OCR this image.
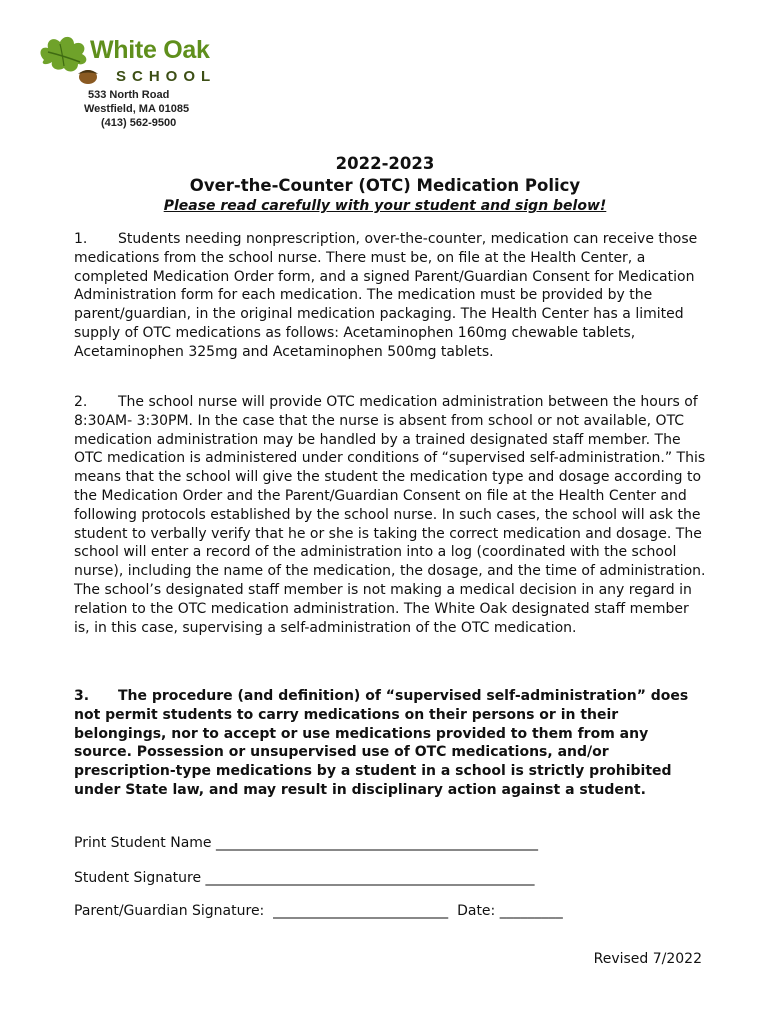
White Oak
SCHOOL
533 North Road
Westfield, MA 01085
(413) 562-9500
2022-2023
Over-the-Counter (OTC) Medication Policy
Please read carefully with your student and sign below!

1. Students needing nonprescription, over-the-counter, medication can receive those medications from the school nurse. There must be, on file at the Health Center, a completed Medication Order form, and a signed Parent/Guardian Consent for Medication Administration form for each medication. The medication must be provided by the parent/guardian, in the original medication packaging. The Health Center has a limited supply of OTC medications as follows: Acetaminophen 160mg chewable tablets, Acetaminophen 325mg and Acetaminophen 500mg tablets.

2. The school nurse will provide OTC medication administration between the hours of 8:30AM- 3:30PM. In the case that the nurse is absent from school or not available, OTC medication administration may be handled by a trained designated staff member. The OTC medication is administered under conditions of “supervised self-administration.” This means that the school will give the student the medication type and dosage according to the Medication Order and the Parent/Guardian Consent on file at the Health Center and following protocols established by the school nurse. In such cases, the school will ask the student to verbally verify that he or she is taking the correct medication and dosage. The school will enter a record of the administration into a log (coordinated with the school nurse), including the name of the medication, the dosage, and the time of administration. The school’s designated staff member is not making a medical decision in any regard in relation to the OTC medication administration. The White Oak designated staff member is, in this case, supervising a self-administration of the OTC medication.

3. The procedure (and definition) of “supervised self-administration” does not permit students to carry medications on their persons or in their belongings, nor to accept or use medications provided to them from any source. Possession or unsupervised use of OTC medications, and/or prescription-type medications by a student in a school is strictly prohibited under State law, and may result in disciplinary action against a student.

Print Student Name ______________________________________________
Student Signature _______________________________________________
Parent/Guardian Signature:  _________________________  Date: _________
Revised 7/2022
